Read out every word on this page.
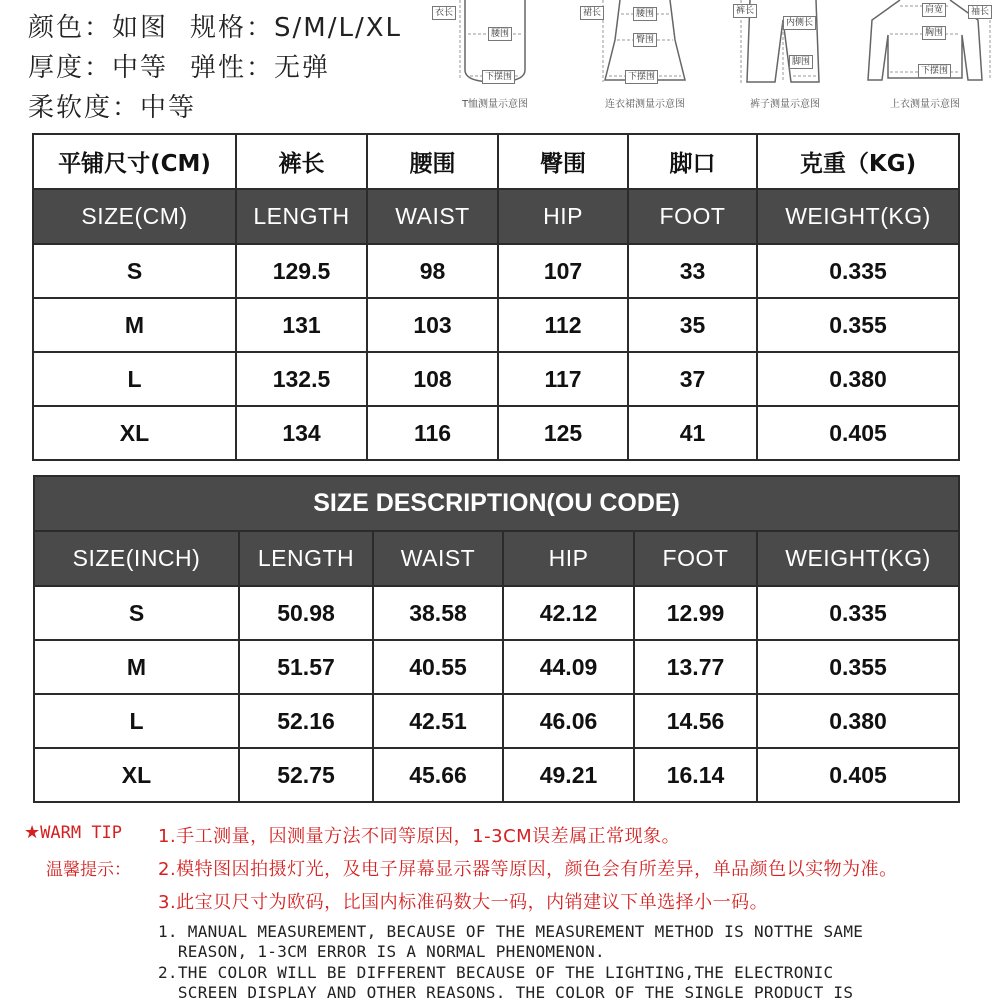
颜色：如图 规格：S/M/L/XL
厚度：中等 弹性：无弹
柔软度：中等
衣长
腰围
下摆围
T恤测量示意图
裙长	腰围
臀围
下摆围
连衣裙测量示意图
裤长
内侧长
脚围
裤子测量示意图
肩宽
胸围
袖长
下摆围
上衣测量示意图
平铺尺寸(CM)	裤长	腰围	臀围	脚口	克重（KG)
SIZE(CM)	LENGTH	WAIST	HIP	FOOT	WEIGHT(KG)
S	129.5	98	107	33	0.335
M	131	103	112	35	0.355
L	132.5	108	117	37	0.380
XL	134	116	125	41	0.405
SIZE DESCRIPTION(OU CODE)					
SIZE(INCH)	LENGTH	WAIST	HIP	FOOT	WEIGHT(KG)
S	50.98	38.58	42.12	12.99	0.335
M	51.57	40.55	44.09	13.77	0.355
L	52.16	42.51	46.06	14.56	0.380
XL	52.75	45.66	49.21	16.14	0.405
★WARM TIP
温馨提示：
1.手工测量，因测量方法不同等原因，1-3CM误差属正常现象。
2.模特图因拍摄灯光，及电子屏幕显示器等原因，颜色会有所差异，单品颜色以实物为准。
3.此宝贝尺寸为欧码，比国内标准码数大一码，内销建议下单选择小一码。
1. MANUAL MEASUREMENT, BECAUSE OF THE MEASUREMENT METHOD IS NOTTHE SAME
REASON, 1-3CM ERROR IS A NORMAL PHENOMENON.
2.THE COLOR WILL BE DIFFERENT BECAUSE OF THE LIGHTING,THE ELECTRONIC
SCREEN DISPLAY AND OTHER REASONS. THE COLOR OF THE SINGLE PRODUCT IS
